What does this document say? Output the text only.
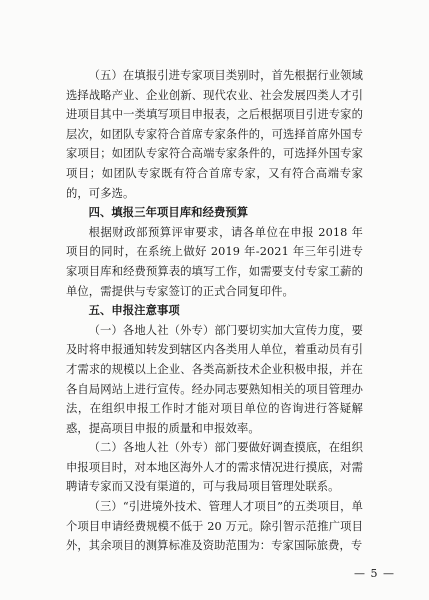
（五）在填报引进专家项目类别时，首先根据行业领域选择战略产业、企业创新、现代农业、社会发展四类人才引进项目其中一类填写项目申报表，之后根据项目引进专家的层次，如团队专家符合首席专家条件的，可选择首席外国专家项目；如团队专家符合高端专家条件的，可选择外国专家项目；如团队专家既有符合首席专家，又有符合高端专家的，可多选。

四、填报三年项目库和经费预算

根据财政部预算评审要求，请各单位在申报 2018 年项目的同时，在系统上做好 2019 年-2021 年三年引进专家项目库和经费预算表的填写工作，如需要支付专家工薪的单位，需提供与专家签订的正式合同复印件。

五、申报注意事项

（一）各地人社（外专）部门要切实加大宣传力度，要及时将申报通知转发到辖区内各类用人单位，着重动员有引才需求的规模以上企业、各类高新技术企业积极申报，并在各自局网站上进行宣传。经办同志要熟知相关的项目管理办法，在组织申报工作时才能对项目单位的咨询进行答疑解惑，提高项目申报的质量和申报效率。

（二）各地人社（外专）部门要做好调查摸底，在组织申报项目时，对本地区海外人才的需求情况进行摸底，对需聘请专家而又没有渠道的，可与我局项目管理处联系。

（三）“引进境外技术、管理人才项目”的五类项目，单个项目申请经费规模不低于 20 万元。除引智示范推广项目外，其余项目的测算标准及资助范围为：专家国际旅费，专

— 5 —
